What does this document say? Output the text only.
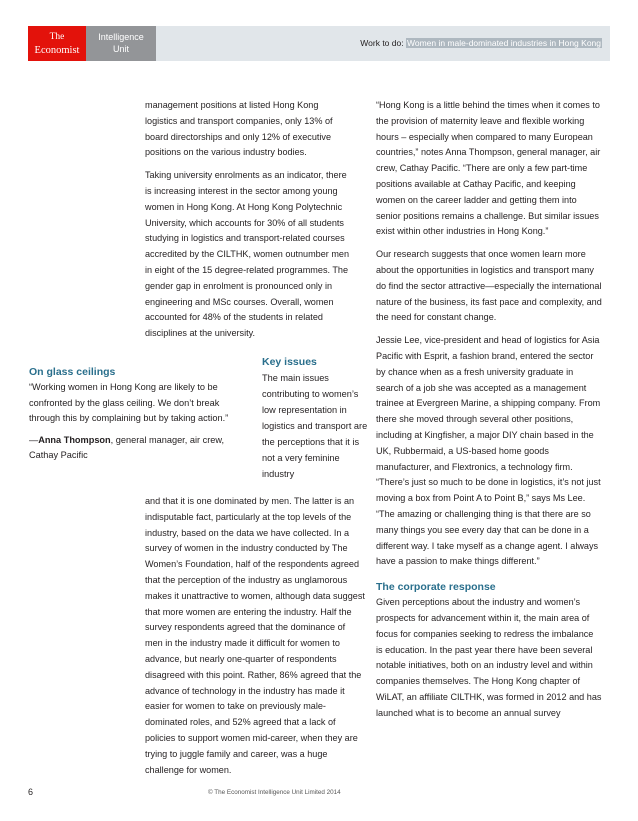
The
Economist
Intelligence
Unit
Work to do: Women in male-dominated industries in Hong Kong

management positions at listed Hong Kong logistics and transport companies, only 13% of board directorships and only 12% of executive positions on the various industry bodies.

Taking university enrolments as an indicator, there is increasing interest in the sector among young women in Hong Kong. At Hong Kong Polytechnic University, which accounts for 30% of all students studying in logistics and transport-related courses accredited by the CILTHK, women outnumber men in eight of the 15 degree-related programmes. The gender gap in enrolment is pronounced only in engineering and MSc courses. Overall, women accounted for 48% of the students in related disciplines at the university.

On glass ceilings

“Working women in Hong Kong are likely to be confronted by the glass ceiling. We don’t break through this by complaining but by taking action.”

—Anna Thompson, general manager, air crew, Cathay Pacific
Key issues
The main issues contributing to women’s low representation in logistics and transport are the perceptions that it is not a very feminine industry

and that it is one dominated by men. The latter is an indisputable fact, particularly at the top levels of the industry, based on the data we have collected. In a survey of women in the industry conducted by The Women’s Foundation, half of the respondents agreed that the perception of the industry as unglamorous makes it unattractive to women, although data suggest that more women are entering the industry. Half the survey respondents agreed that the dominance of men in the industry made it difficult for women to advance, but nearly one-quarter of respondents disagreed with this point. Rather, 86% agreed that the advance of technology in the industry has made it easier for women to take on previously male-dominated roles, and 52% agreed that a lack of policies to support women mid-career, when they are trying to juggle family and career, was a huge challenge for women.

“Hong Kong is a little behind the times when it comes to the provision of maternity leave and flexible working hours – especially when compared to many European countries,” notes Anna Thompson, general manager, air crew, Cathay Pacific. “There are only a few part-time positions available at Cathay Pacific, and keeping women on the career ladder and getting them into senior positions remains a challenge. But similar issues exist within other industries in Hong Kong.”

Our research suggests that once women learn more about the opportunities in logistics and transport many do find the sector attractive—especially the international nature of the business, its fast pace and complexity, and the need for constant change.

Jessie Lee, vice-president and head of logistics for Asia Pacific with Esprit, a fashion brand, entered the sector by chance when as a fresh university graduate in search of a job she was accepted as a management trainee at Evergreen Marine, a shipping company. From there she moved through several other positions, including at Kingfisher, a major DIY chain based in the UK, Rubbermaid, a US-based home goods manufacturer, and Flextronics, a technology firm. “There’s just so much to be done in logistics, it’s not just moving a box from Point A to Point B,” says Ms Lee. “The amazing or challenging thing is that there are so many things you see every day that can be done in a different way. I take myself as a change agent. I always have a passion to make things different.”

The corporate response

Given perceptions about the industry and women’s prospects for advancement within it, the main area of focus for companies seeking to redress the imbalance is education. In the past year there have been several notable initiatives, both on an industry level and within companies themselves. The Hong Kong chapter of WiLAT, an affiliate CILTHK, was formed in 2012 and has launched what is to become an annual survey

6	© The Economist Intelligence Unit Limited 2014
